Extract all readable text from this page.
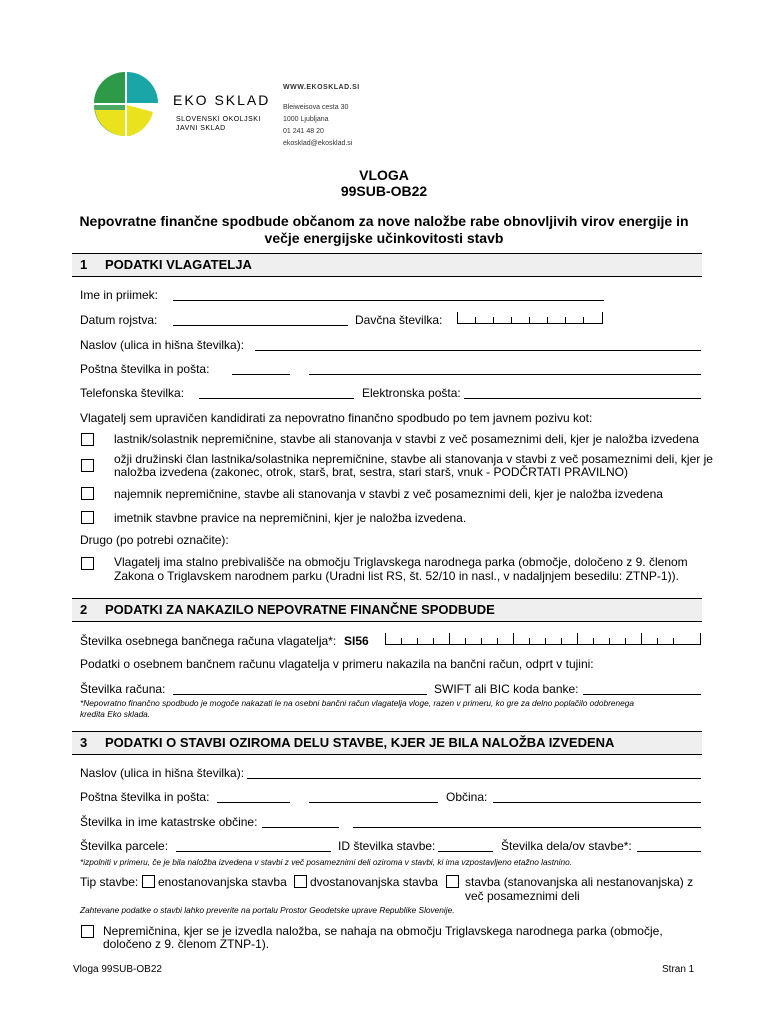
EKO SKLAD
SLOVENSKI OKOLJSKI
JAVNI SKLAD
WWW.EKOSKLAD.SI
Bleiweisova cesta 30
1000 Ljubljana
01 241 48 20
ekosklad@ekosklad.si
VLOGA
99SUB-OB22
Nepovratne finančne spodbude občanom za nove naložbe rabe obnovljivih virov energije in
večje energijske učinkovitosti stavb
1 PODATKI VLAGATELJA
Ime in priimek:
Datum rojstva:	Davčna številka:
Naslov (ulica in hišna številka):
Poštna številka in pošta:
Telefonska številka:	Elektronska pošta:
Vlagatelj sem upravičen kandidirati za nepovratno finančno spodbudo po tem javnem pozivu kot:
lastnik/solastnik nepremičnine, stavbe ali stanovanja v stavbi z več posameznimi deli, kjer je naložba izvedena
ožji družinski član lastnika/solastnika nepremičnine, stavbe ali stanovanja v stavbi z več posameznimi deli, kjer je
naložba izvedena (zakonec, otrok, starš, brat, sestra, stari starš, vnuk - PODČRTATI PRAVILNO)
najemnik nepremičnine, stavbe ali stanovanja v stavbi z več posameznimi deli, kjer je naložba izvedena
imetnik stavbne pravice na nepremičnini, kjer je naložba izvedena.
Drugo (po potrebi označite):
Vlagatelj ima stalno prebivališče na območju Triglavskega narodnega parka (območje, določeno z 9. členom
Zakona o Triglavskem narodnem parku (Uradni list RS, št. 52/10 in nasl., v nadaljnjem besedilu: ZTNP-1)).
2 PODATKI ZA NAKAZILO NEPOVRATNE FINANČNE SPODBUDE
Številka osebnega bančnega računa vlagatelja*: SI56
Podatki o osebnem bančnem računu vlagatelja v primeru nakazila na bančni račun, odprt v tujini:
Številka računa:	SWIFT ali BIC koda banke:
*Nepovratno finančno spodbudo je mogoče nakazati le na osebni bančni račun vlagatelja vloge, razen v primeru, ko gre za delno poplačilo odobrenega
kredita Eko sklada.
3 PODATKI O STAVBI OZIROMA DELU STAVBE, KJER JE BILA NALOŽBA IZVEDENA
Naslov (ulica in hišna številka):
Poštna številka in pošta:	Občina:
Številka in ime katastrske občine:
Številka parcele:	ID številka stavbe:	Številka dela/ov stavbe*:
*izpolniti v primeru, če je bila naložba izvedena v stavbi z več posameznimi deli oziroma v stavbi, ki ima vzpostavljeno etažno lastnino.
Tip stavbe: enostanovanjska stavba dvostanovanjska stavba stavba (stanovanjska ali nestanovanjska) z
več posameznimi deli
Zahtevane podatke o stavbi lahko preverite na portalu Prostor Geodetske uprave Republike Slovenije.
Nepremičnina, kjer se je izvedla naložba, se nahaja na območju Triglavskega narodnega parka (območje,
določeno z 9. členom ZTNP-1).
Vloga 99SUB-OB22	Stran 1
